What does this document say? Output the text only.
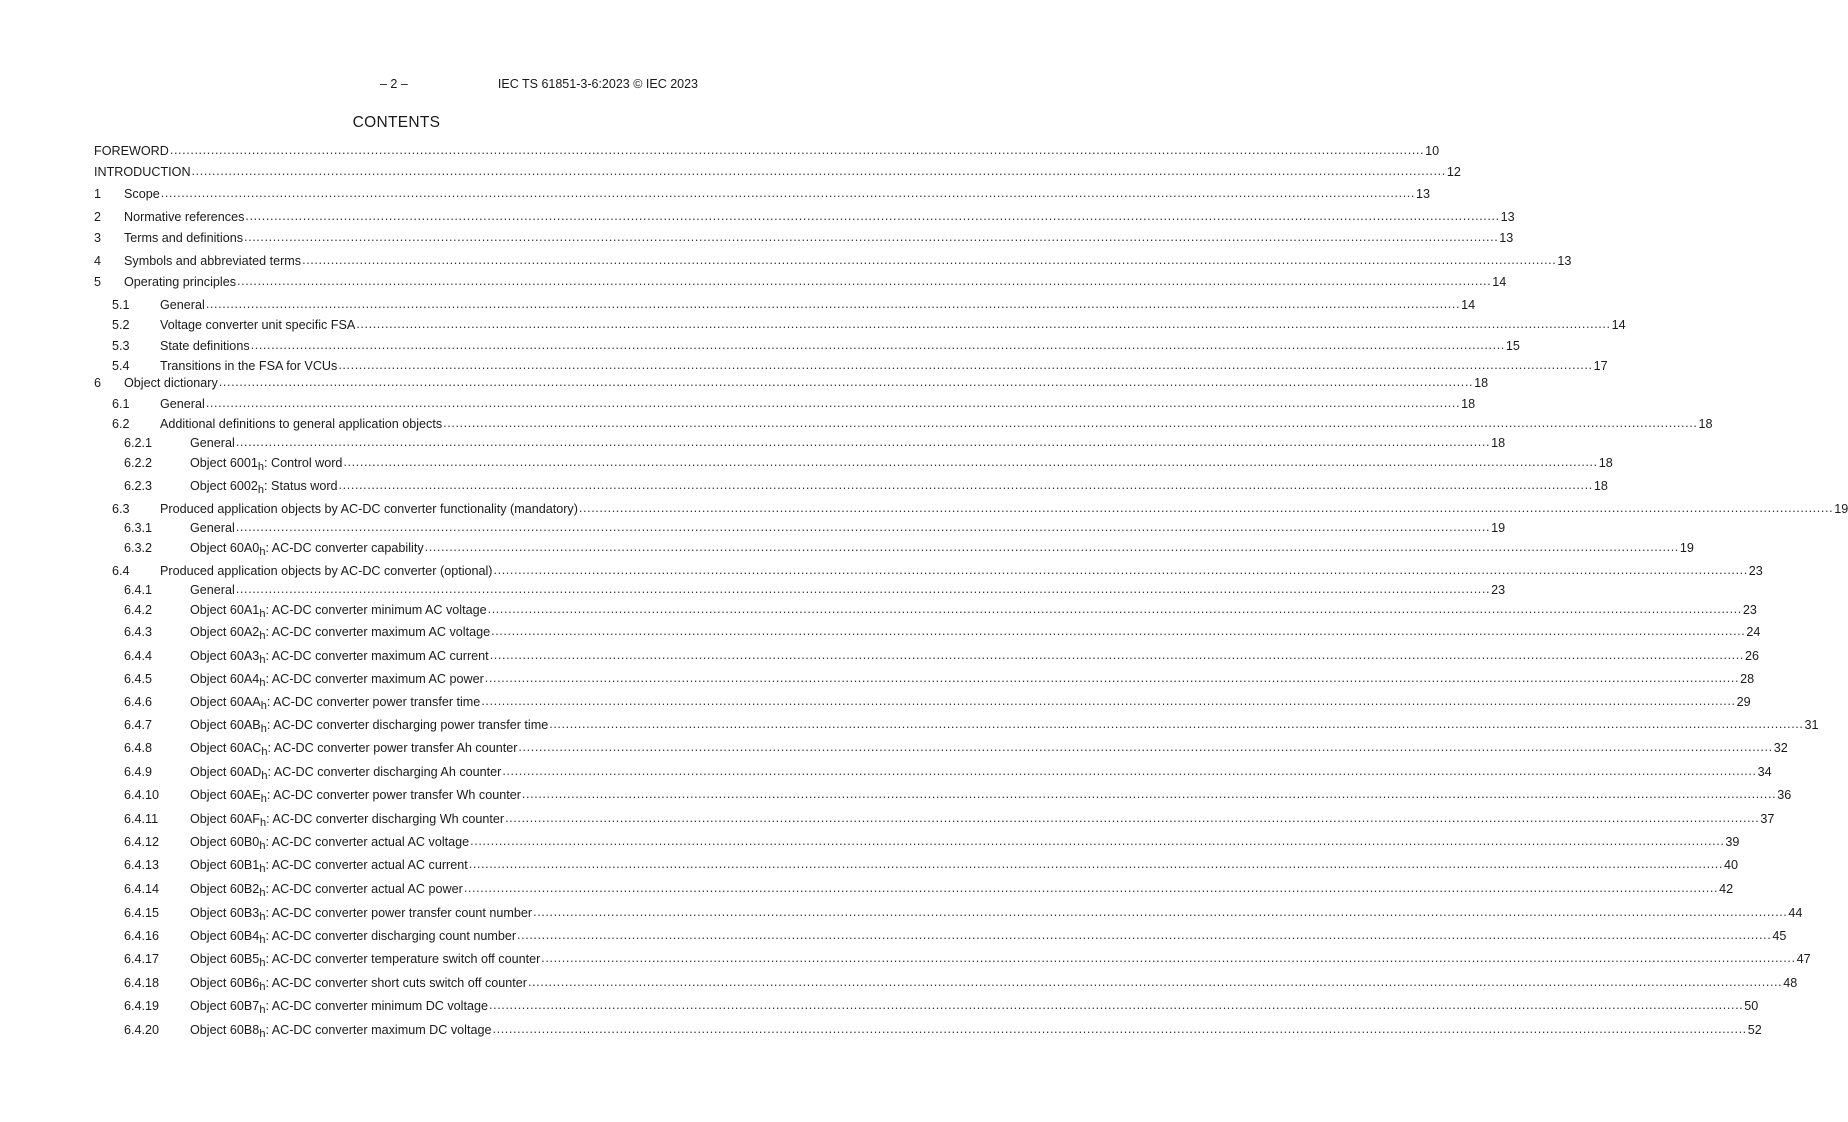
– 2 –	IEC TS 61851-3-6:2023 © IEC 2023
CONTENTS
FOREWORD .....	10
INTRODUCTION .....	12
1	Scope .....	13
2	Normative references .....	13
3	Terms and definitions .....	13
4	Symbols and abbreviated terms .....	13
5	Operating principles .....	14
5.1	General .....	14
5.2	Voltage converter unit specific FSA .....	14
5.3	State definitions .....	15
5.4	Transitions in the FSA for VCUs .....	17
6	Object dictionary .....	18
6.1	General .....	18
6.2	Additional definitions to general application objects .....	18
6.2.1	General .....	18
6.2.2	Object $6001_h$: Control word .....	18
6.2.3	Object $6002_h$: Status word .....	18
6.3	Produced application objects by AC-DC converter functionality (mandatory) .....	19
6.3.1	General .....	19
6.3.2	Object $60A0_h$: AC-DC converter capability .....	19
6.4	Produced application objects by AC-DC converter (optional) .....	23
6.4.1	General .....	23
6.4.2	Object $60A1_h$: AC-DC converter minimum AC voltage .....	23
6.4.3	Object $60A2_h$: AC-DC converter maximum AC voltage .....	24
6.4.4	Object $60A3_h$: AC-DC converter maximum AC current .....	26
6.4.5	Object $60A4_h$: AC-DC converter maximum AC power .....	28
6.4.6	Object $60AA_h$: AC-DC converter power transfer time .....	29
6.4.7	Object $60AB_h$: AC-DC converter discharging power transfer time .....	31
6.4.8	Object $60AC_h$: AC-DC converter power transfer Ah counter .....	32
6.4.9	Object $60AD_h$: AC-DC converter discharging Ah counter .....	34
6.4.10	Object $60AE_h$: AC-DC converter power transfer Wh counter .....	36
6.4.11	Object $60AF_h$: AC-DC converter discharging Wh counter .....	37
6.4.12	Object $60B0_h$: AC-DC converter actual AC voltage .....	39
6.4.13	Object $60B1_h$: AC-DC converter actual AC current .....	40
6.4.14	Object $60B2_h$: AC-DC converter actual AC power .....	42
6.4.15	Object $60B3_h$: AC-DC converter power transfer count number .....	44
6.4.16	Object $60B4_h$: AC-DC converter discharging count number .....	45
6.4.17	Object $60B5_h$: AC-DC converter temperature switch off counter .....	47
6.4.18	Object $60B6_h$: AC-DC converter short cuts switch off counter .....	48
6.4.19	Object $60B7_h$: AC-DC converter minimum DC voltage .....	50
6.4.20	Object $60B8_h$: AC-DC converter maximum DC voltage .....	52
